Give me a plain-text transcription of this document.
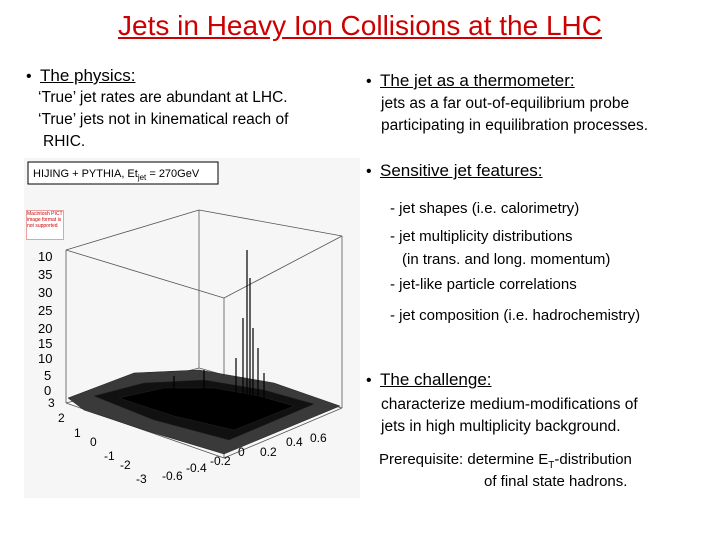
Jets in Heavy Ion Collisions at the LHC
• The physics:
‘True’ jet rates are abundant at LHC.
‘True’ jets not in kinematical reach of
RHIC.
• The jet as a thermometer:
jets as a far out-of-equilibrium probe
participating in equilibration processes.
• Sensitive jet features:
- jet shapes (i.e. calorimetry)
- jet multiplicity distributions
(in trans. and long. momentum)
- jet-like particle correlations
- jet composition (i.e. hadrochemistry)
• The challenge:
characterize medium-modifications of
jets in high multiplicity background.
Prerequisite: determine $E_T$-distribution
of final state hadrons.
HIJING + PYTHIA, $Et_{jet} = 270GeV$
10
35
30
25
20
15
10
5
0
3
2
1
0
-1
-2
-3 -0.6
-0.4 -0.2
0 0.2
0.4 0.6
Macintosh PICT image format is not supported
